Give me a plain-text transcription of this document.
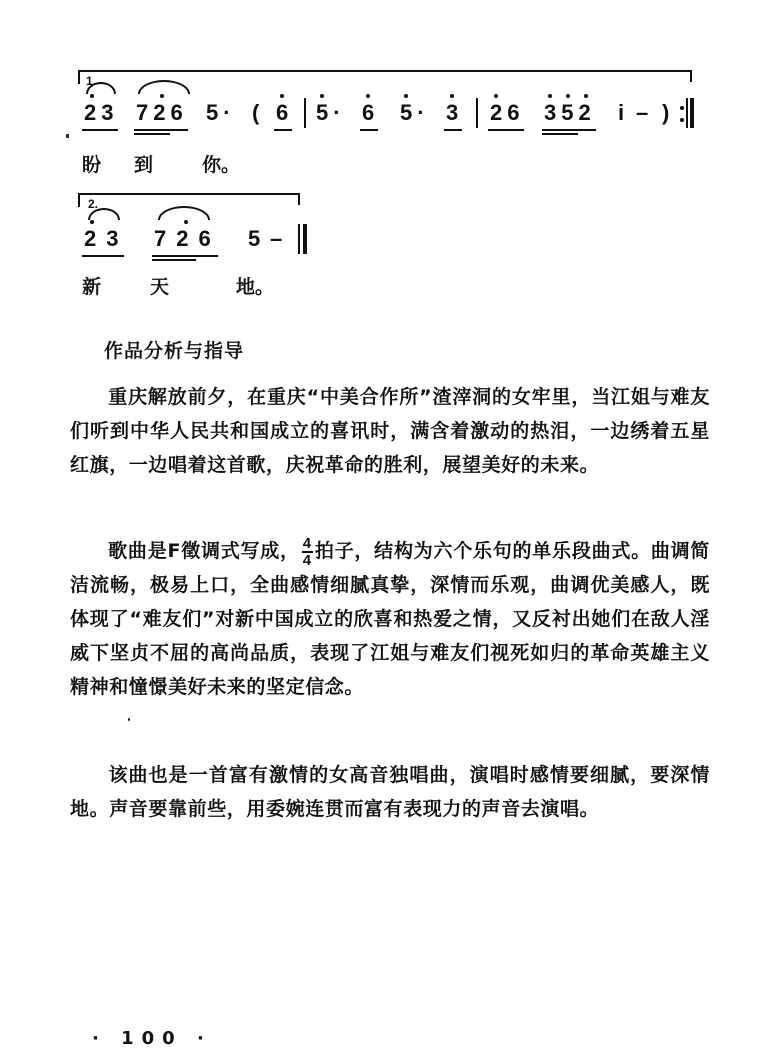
1.
23 726 5· ( 6 5· 6 5· 3 26 352 i – )
盼 到	你。
2.
23 726 5 –
新	天	地。
作品分析与指导
重庆解放前夕，在重庆“中美合作所”渣滓洞的女牢里，当江姐与难友们听到中华人民共和国成立的喜讯时，满含着激动的热泪，一边绣着五星红旗，一边唱着这首歌，庆祝革命的胜利，展望美好的未来。
歌曲是F徵调式写成， $\frac{4}{4}$ 拍子，结构为六个乐句的单乐段曲式。曲调简洁流畅，极易上口，全曲感情细腻真挚，深情而乐观，曲调优美感人，既体现了“难友们”对新中国成立的欣喜和热爱之情，又反衬出她们在敌人淫威下坚贞不屈的高尚品质，表现了江姐与难友们视死如归的革命英雄主义精神和憧憬美好未来的坚定信念。
该曲也是一首富有激情的女高音独唱曲，演唱时感情要细腻，要深情地。声音要靠前些，用委婉连贯而富有表现力的声音去演唱。
· 100 ·
